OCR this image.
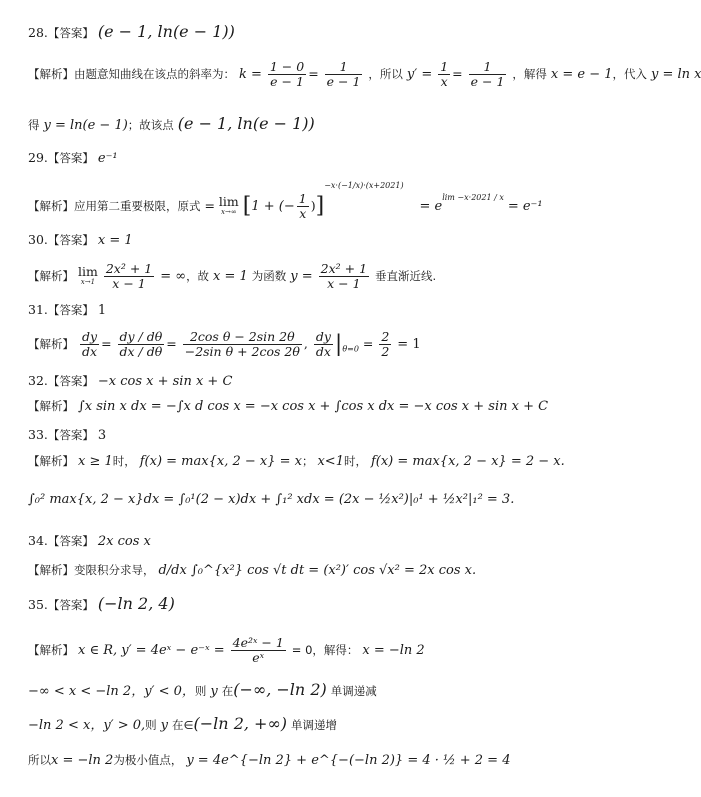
28.【答案】 (e − 1, ln(e − 1))
【解析】由题意知曲线在该点的斜率为： $k = \frac{1 - 0}{e - 1} = \frac{1}{e - 1}$ ，所以 $y' = \frac{1}{x} = \frac{1}{e - 1}$ ，解得 x = e − 1，代入 y = ln x
得 y = ln(e − 1)；故该点 (e − 1, ln(e − 1))
29.【答案】 e⁻¹
【解析】应用第二重要极限，原式 = lim
x→∞ [1 + (− $\frac{1}{x} )]^{-x\cdot(-1/x)\cdot(x+2021)}$    = $e^{lim -x\cdot 2021 / x} = e^{-1}$
30.【答案】 x = 1
【解析】 lim
x→1
$\frac{\text{2x² + 1}}{x - 1}$ = ∞，故 x = 1 为函数 $y = \frac{\text{2x² + 1}}{x - 1}$ 垂直渐近线.
31.【答案】 1
【解析】 $\frac{dy}{dx} = \frac{dy / d\theta}{dx / d\theta} = \frac{\text{2cos θ − 2sin 2θ}}{\text{−2sin θ + 2cos 2θ}}$ , $\frac{dy}{dx} |_{\theta=0} = \frac{2}{2} = 1$
32.【答案】 −x cos x + sin x + C
【解析】 ∫x sin x dx = −∫x d cos x = −x cos x + ∫cos x dx = −x cos x + sin x + C
33.【答案】 3
【解析】 x ≥ 1时， f(x) = max{x, 2 − x} = x； x<1时， f(x) = max{x, 2 − x} = 2 − x.
∫₀² max{x, 2 − x}dx = ∫₀¹(2 − x)dx + ∫₁² xdx = (2x − ½x²)|₀¹ + ½x²|₁² = 3.
34.【答案】 2x cos x
【解析】变限积分求导， d/dx ∫₀^{x²} cos √t dt = (x²)′ cos √x² = 2x cos x.
35.【答案】 (−ln 2, 4)
【解析】 x ∈ R, y′ = 4eˣ − e⁻ˣ = $\frac{\text{4e²ˣ − 1}}{\text{eˣ}} = 0$，解得： x = −ln 2
−∞ < x < −ln 2，y′ < 0，则 y 在(−∞, −ln 2) 单调递减
−ln 2 < x，y′ > 0,则 y 在∈(−ln 2, +∞) 单调递增
所以x = −ln 2为极小值点， y = 4e^{−ln 2} + e^{−(−ln 2)} = 4 · ½ + 2 = 4
